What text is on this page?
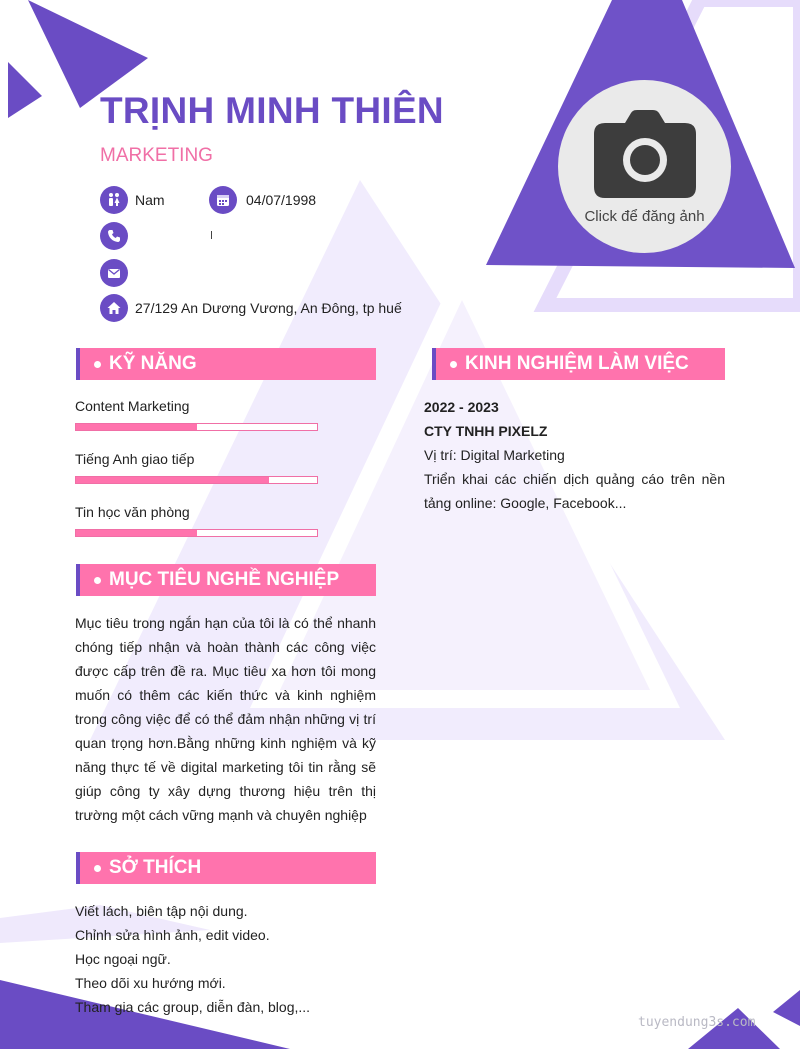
TRỊNH MINH THIÊN
MARKETING
Nam	04/07/1998
27/129 An Dương Vương, An Đông, tp huế
Click để đăng ảnh
KỸ NĂNG
Content Marketing
Tiếng Anh giao tiếp
Tin học văn phòng
MỤC TIÊU NGHỀ NGHIỆP
Mục tiêu trong ngắn hạn của tôi là có thể nhanh chóng tiếp nhận và hoàn thành các công việc được cấp trên đề ra. Mục tiêu xa hơn tôi mong muốn có thêm các kiến thức và kinh nghiệm trong công việc để có thể đảm nhận những vị trí quan trọng hơn.Bằng những kinh nghiệm và kỹ năng thực tế về digital marketing tôi tin rằng sẽ giúp công ty xây dựng thương hiệu trên thị trường một cách vững mạnh và chuyên nghiệp
SỞ THÍCH
Viết lách, biên tập nội dung.
Chỉnh sửa hình ảnh, edit video.
Học ngoại ngữ.
Theo dõi xu hướng mới.
Tham gia các group, diễn đàn, blog,...
KINH NGHIỆM LÀM VIỆC
2022 - 2023
CTY TNHH PIXELZ
Vị trí: Digital Marketing
Triển khai các chiến dịch quảng cáo trên nền tảng online: Google, Facebook...
tuyendung3s.com
